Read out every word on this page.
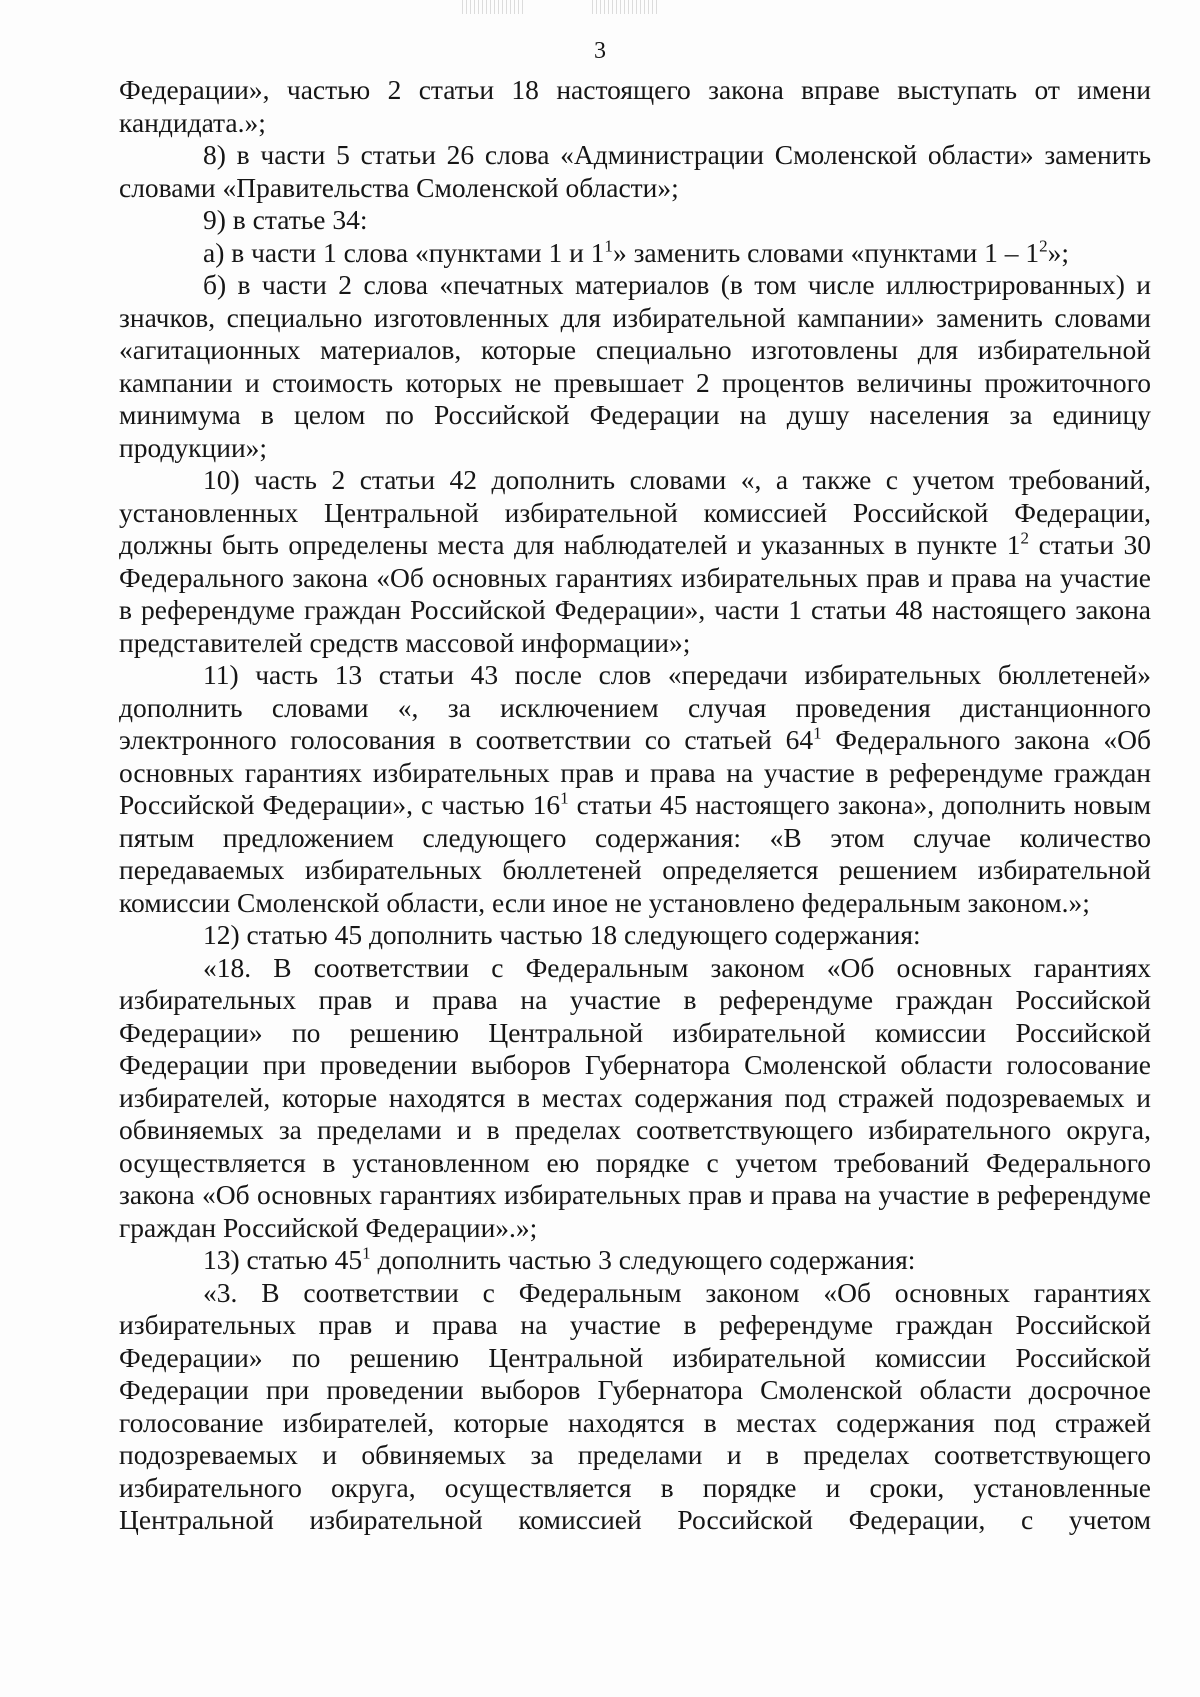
3

Федерации», частью 2 статьи 18 настоящего закона вправе выступать от имени кандидата.»;

8) в части 5 статьи 26 слова «Администрации Смоленской области» заменить словами «Правительства Смоленской области»;

9) в статье 34:

а) в части 1 слова «пунктами 1 и $1^1$» заменить словами «пунктами $1 - 1^2$»;

б) в части 2 слова «печатных материалов (в том числе иллюстрированных) и значков, специально изготовленных для избирательной кампании» заменить словами «агитационных материалов, которые специально изготовлены для избирательной кампании и стоимость которых не превышает 2 процентов величины прожиточного минимума в целом по Российской Федерации на душу населения за единицу продукции»;

10) часть 2 статьи 42 дополнить словами «, а также с учетом требований, установленных Центральной избирательной комиссией Российской Федерации, должны быть определены места для наблюдателей и указанных в пункте $1^2$ статьи 30 Федерального закона «Об основных гарантиях избирательных прав и права на участие в референдуме граждан Российской Федерации», части 1 статьи 48 настоящего закона представителей средств массовой информации»;

11) часть 13 статьи 43 после слов «передачи избирательных бюллетеней» дополнить словами «, за исключением случая проведения дистанционного электронного голосования в соответствии со статьей $64^1$ Федерального закона «Об основных гарантиях избирательных прав и права на участие в референдуме граждан Российской Федерации», с частью $16^1$ статьи 45 настоящего закона», дополнить новым пятым предложением следующего содержания: «В этом случае количество передаваемых избирательных бюллетеней определяется решением избирательной комиссии Смоленской области, если иное не установлено федеральным законом.»;

12) статью 45 дополнить частью 18 следующего содержания:

«18. В соответствии с Федеральным законом «Об основных гарантиях избирательных прав и права на участие в референдуме граждан Российской Федерации» по решению Центральной избирательной комиссии Российской Федерации при проведении выборов Губернатора Смоленской области голосование избирателей, которые находятся в местах содержания под стражей подозреваемых и обвиняемых за пределами и в пределах соответствующего избирательного округа, осуществляется в установленном ею порядке с учетом требований Федерального закона «Об основных гарантиях избирательных прав и права на участие в референдуме граждан Российской Федерации».»;

13) статью $45^1$ дополнить частью 3 следующего содержания:

«3. В соответствии с Федеральным законом «Об основных гарантиях избирательных прав и права на участие в референдуме граждан Российской Федерации» по решению Центральной избирательной комиссии Российской Федерации при проведении выборов Губернатора Смоленской области досрочное голосование избирателей, которые находятся в местах содержания под стражей подозреваемых и обвиняемых за пределами и в пределах соответствующего избирательного округа, осуществляется в порядке и сроки, установленные Центральной избирательной комиссией Российской Федерации, с учетом
